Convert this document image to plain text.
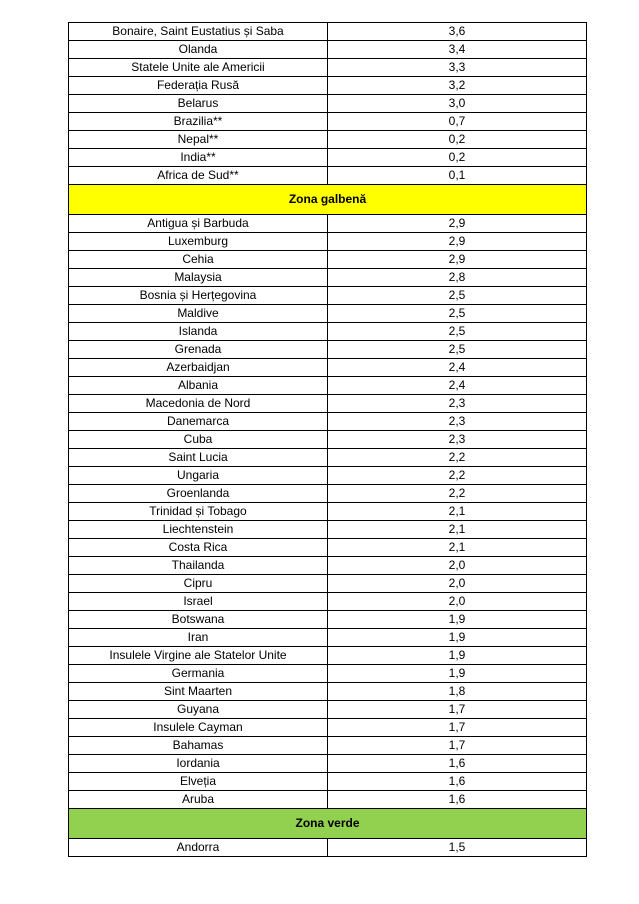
Bonaire, Saint Eustatius și Saba	3,6
Olanda	3,4
Statele Unite ale Americii	3,3
Federația Rusă	3,2
Belarus	3,0
Brazilia**	0,7
Nepal**	0,2
India**	0,2
Africa de Sud**	0,1
Zona galbenă	
Antigua și Barbuda	2,9
Luxemburg	2,9
Cehia	2,9
Malaysia	2,8
Bosnia și Herțegovina	2,5
Maldive	2,5
Islanda	2,5
Grenada	2,5
Azerbaidjan	2,4
Albania	2,4
Macedonia de Nord	2,3
Danemarca	2,3
Cuba	2,3
Saint Lucia	2,2
Ungaria	2,2
Groenlanda	2,2
Trinidad și Tobago	2,1
Liechtenstein	2,1
Costa Rica	2,1
Thailanda	2,0
Cipru	2,0
Israel	2,0
Botswana	1,9
Iran	1,9
Insulele Virgine ale Statelor Unite	1,9
Germania	1,9
Sint Maarten	1,8
Guyana	1,7
Insulele Cayman	1,7
Bahamas	1,7
Iordania	1,6
Elveția	1,6
Aruba	1,6
Zona verde	
Andorra	1,5
